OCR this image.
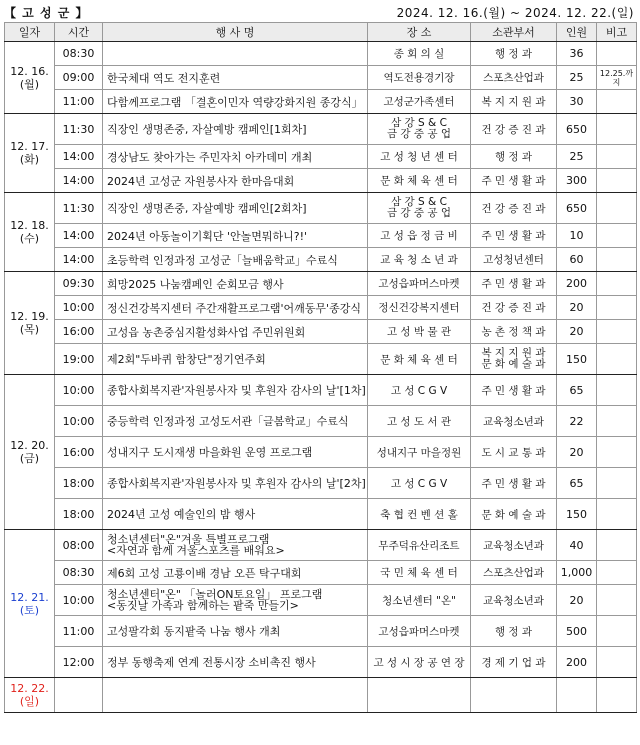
【 고 성 군 】	2024. 12. 16.(월) ~ 2024. 12. 22.(일)
일자	시간	행 사 명	장 소	소관부서	인원	비고
12. 16.
(월)	08:30		종 회 의 실	행 정 과	36	
	09:00	한국체대 역도 전지훈련	역도전용경기장	스포츠산업과	25	12.25.까지
	11:00	다함께프로그램 「결혼이민자 역량강화지원 종강식」	고성군가족센터	복 지 지 원 과	30	
12. 17.
(화)	11:30	직장인 생명존중, 자살예방 캠페인[1회차]	삼 강 S & C
금 강 중 공 업	건 강 증 진 과	650	
	14:00	경상남도 찾아가는 주민자치 아카데미 개최	고 성 청 년 센 터	행 정 과	25	
	14:00	2024년 고성군 자원봉사자 한마음대회	문 화 체 육 센 터	주 민 생 활 과	300	
12. 18.
(수)	11:30	직장인 생명존중, 자살예방 캠페인[2회차]	삼 강 S & C
금 강 중 공 업	건 강 증 진 과	650	
	14:00	2024년 아동놀이기획단 '안놀면뭐하니?!'	고 성 읍 정 금 비	주 민 생 활 과	10	
	14:00	초등학력 인정과정 고성군「늘배움학교」수료식	교 육 청 소 년 과	고성청년센터	60	
12. 19.
(목)	09:30	희망2025 나눔캠페인 순회모금 행사	고성읍파머스마켓	주 민 생 활 과	200	
	10:00	정신건강복지센터 주간재활프로그램'어깨동무'종강식	정신건강복지센터	건 강 증 진 과	20	
	16:00	고성읍 농촌중심지활성화사업 주민위원회	고 성 박 물 관	농 촌 정 책 과	20	
	19:00	제2회"두바퀴 함창단"정기연주회	문 화 체 육 센 터	복 지 지 원 과
문 화 예 술 과	150	
12. 20.
(금)	10:00	종합사회복지관'자원봉사자 및 후원자 감사의 날'[1차]	고 성 C G V	주 민 생 활 과	65	
	10:00	중등학력 인정과정 고성도서관「글봄학교」수료식	고 성 도 서 관	교육청소년과	22	
	16:00	성내지구 도시재생 마을화원 운영 프로그램	성내지구 마을정원	도 시 교 통 과	20	
	18:00	종합사회복지관'자원봉사자 및 후원자 감사의 날'[2차]	고 성 C G V	주 민 생 활 과	65	
	18:00	2024년 고성 예술인의 밤 행사	축 협 컨 벤 션 홀	문 화 예 술 과	150	
12. 21.
(토)	08:00	청소년센터"온"겨울 특별프로그램
<자연과 함께 겨울스포츠를 배워요>	무주덕유산리조트	교육청소년과	40	
	08:30	제6회 고성 고룡이배 경남 오픈 탁구대회	국 민 체 육 센 터	스포츠산업과	1,000	
	10:00	청소년센터"온" 「놀러ON토요일」 프로그램
<동짓날 가족과 함께하는 팥죽 만들기>	청소년센터 "온"	교육청소년과	20	
	11:00	고성팔각회 동지팥죽 나눔 행사 개최	고성읍파머스마켓	행 정 과	500	
	12:00	정부 동행축제 연계 전통시장 소비촉진 행사	고 성 시 장 공 연 장	경 제 기 업 과	200	
12. 22.
(일)						
